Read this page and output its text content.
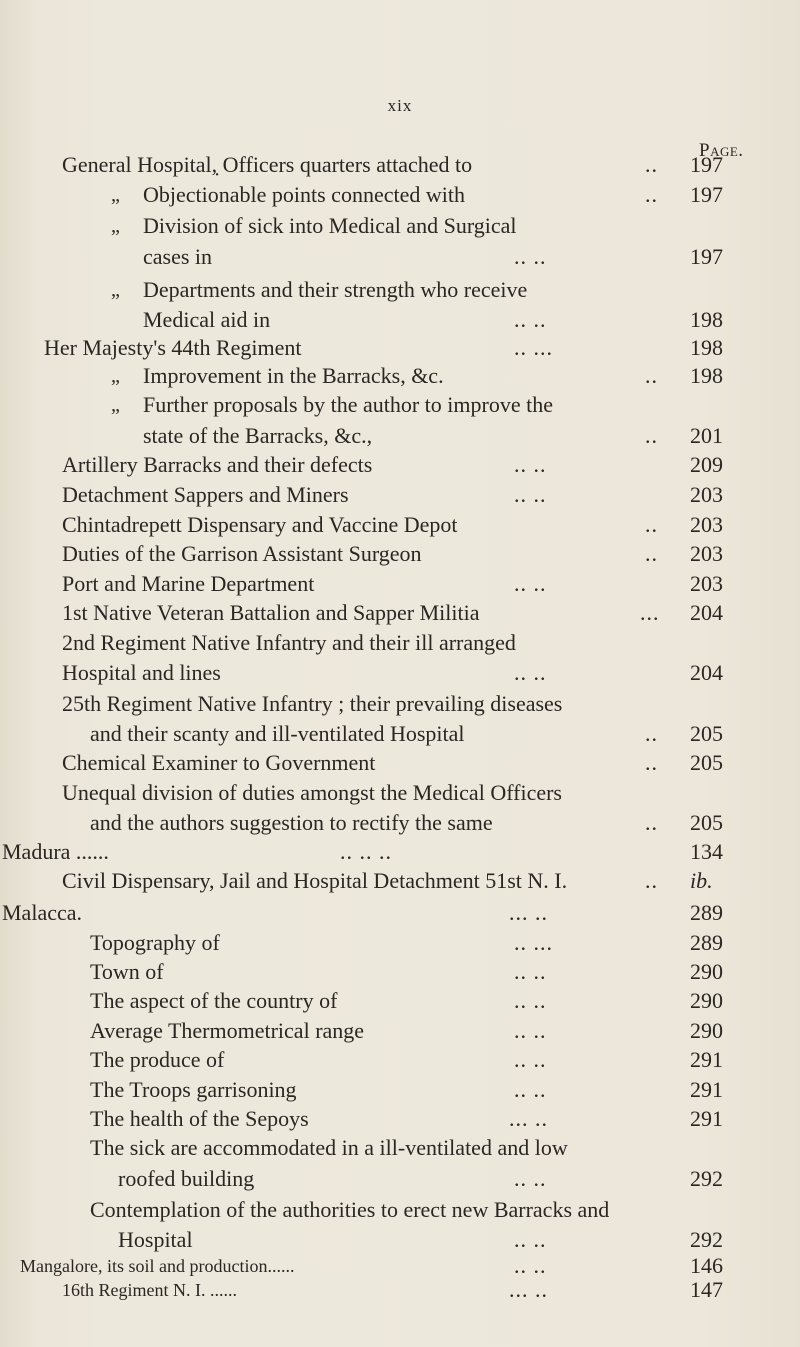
xix
Page.
General Hospital,̣ Officers quarters attached to	.. 197
„ Objectionable points connected with	.. 197
„ Division of sick into Medical and Surgical
cases in	.. ..	197
„ Departments and their strength who receive
Medical aid in	.. ..	198
Her Majesty's 44th Regiment	.. ...	198
„ Improvement in the Barracks, &c.	.. 198
„ Further proposals by the author to improve the
state of the Barracks, &c.,	.. 201
Artillery Barracks and their defects	.. ..	209
Detachment Sappers and Miners	.. ..	203
Chintadrepett Dispensary and Vaccine Depot	.. 203
Duties of the Garrison Assistant Surgeon	.. 203
Port and Marine Department	.. ..	203
1st Native Veteran Battalion and Sapper Militia	... 204
2nd Regiment Native Infantry and their ill arranged
Hospital and lines	.. ..	204
25th Regiment Native Infantry ; their prevailing diseases
and their scanty and ill-ventilated Hospital	.. 205
Chemical Examiner to Government	.. 205
Unequal division of duties amongst the Medical Officers
and the authors suggestion to rectify the same	.. 205
Madura ......	.. .. ..	134
Civil Dispensary, Jail and Hospital Detachment 51st N. I.	.. ib.
Malacca.	... ..	289
Topography of	.. ...	289
Town of	.. ..	290
The aspect of the country of	.. ..	290
Average Thermometrical range	.. ..	290
The produce of	.. ..	291
The Troops garrisoning	.. ..	291
The health of the Sepoys	... ..	291
The sick are accommodated in a ill-ventilated and low
roofed building	.. ..	292
Contemplation of the authorities to erect new Barracks and
Hospital	.. ..	292
Mangalore, its soil and production......	.. ..	146
16th Regiment N. I. ......	... ..	147
